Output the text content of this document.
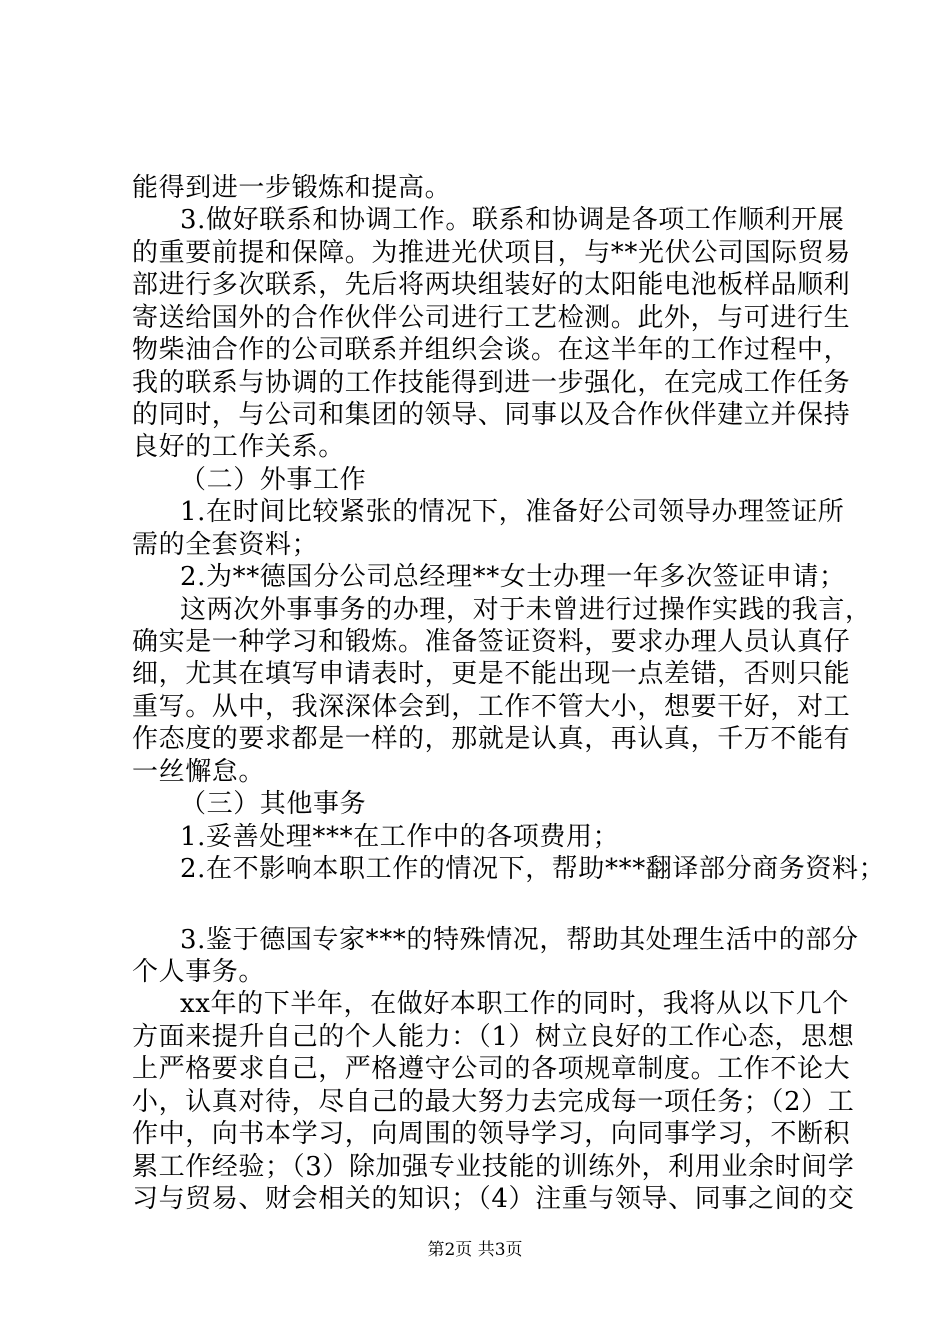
能得到进一步锻炼和提高。
3.做好联系和协调工作。联系和协调是各项工作顺利开展
的重要前提和保障。为推进光伏项目，与**光伏公司国际贸易
部进行多次联系，先后将两块组装好的太阳能电池板样品顺利
寄送给国外的合作伙伴公司进行工艺检测。此外，与可进行生
物柴油合作的公司联系并组织会谈。在这半年的工作过程中，
我的联系与协调的工作技能得到进一步强化，在完成工作任务
的同时，与公司和集团的领导、同事以及合作伙伴建立并保持
良好的工作关系。
（二）外事工作
1.在时间比较紧张的情况下，准备好公司领导办理签证所
需的全套资料；
2.为**德国分公司总经理**女士办理一年多次签证申请；
这两次外事事务的办理，对于未曾进行过操作实践的我言，
确实是一种学习和锻炼。准备签证资料，要求办理人员认真仔
细，尤其在填写申请表时，更是不能出现一点差错，否则只能
重写。从中，我深深体会到，工作不管大小，想要干好，对工
作态度的要求都是一样的，那就是认真，再认真，千万不能有
一丝懈怠。
（三）其他事务
1.妥善处理***在工作中的各项费用；
2.在不影响本职工作的情况下，帮助***翻译部分商务资料；
3.鉴于德国专家***的特殊情况，帮助其处理生活中的部分
个人事务。
xx年的下半年，在做好本职工作的同时，我将从以下几个
方面来提升自己的个人能力：（1）树立良好的工作心态，思想
上严格要求自己，严格遵守公司的各项规章制度。工作不论大
小，认真对待，尽自己的最大努力去完成每一项任务；（2）工
作中，向书本学习，向周围的领导学习，向同事学习，不断积
累工作经验；（3）除加强专业技能的训练外，利用业余时间学
习与贸易、财会相关的知识；（4）注重与领导、同事之间的交
第2页 共3页
